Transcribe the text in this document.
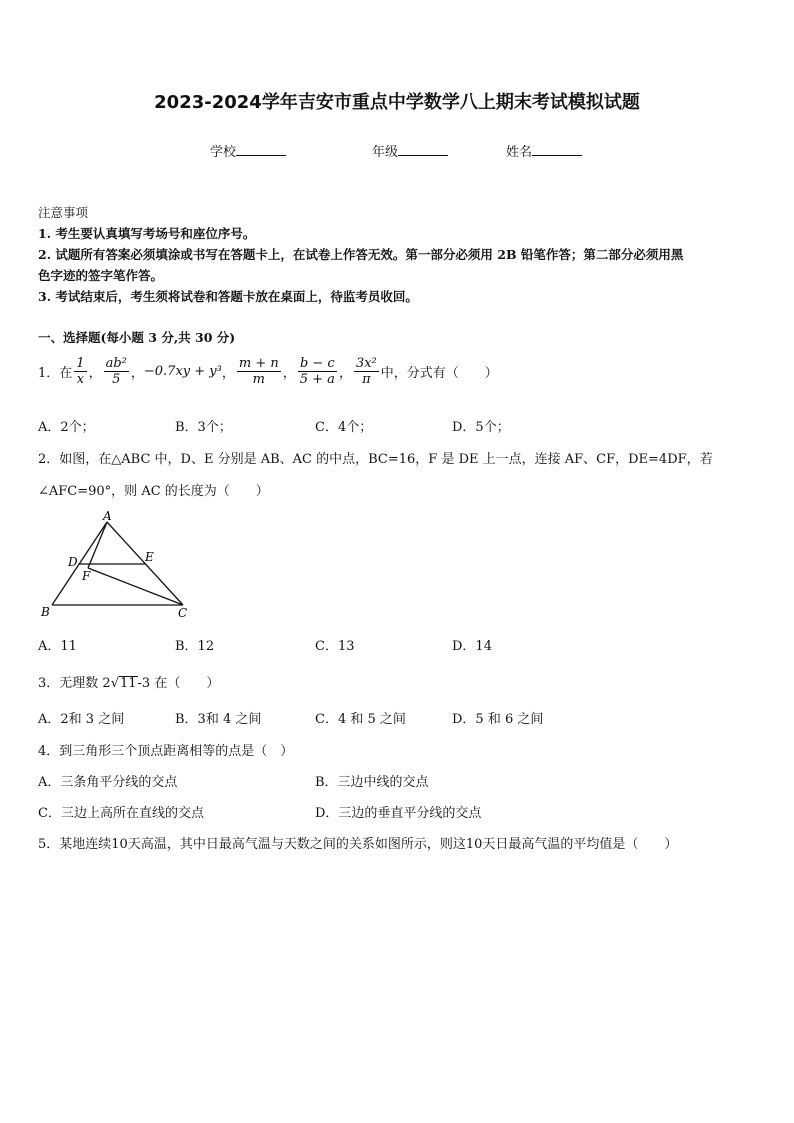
2023-2024学年吉安市重点中学数学八上期末考试模拟试题
学校	年级	姓名
注意事项
1. 考生要认真填写考场号和座位序号。
2. 试题所有答案必须填涂或书写在答题卡上，在试卷上作答无效。第一部分必须用 2B 铅笔作答；第二部分必须用黑
色字迹的签字笔作答。
3. 考试结束后，考生须将试卷和答题卡放在桌面上，待监考员收回。
一、选择题(每小题 3 分,共 30 分)
1．在 $\frac{1}{x}$ ， $\frac{\text{ab²}}{5}$ ， −0.7xy + y³ ， $\frac{m + n}{m}$ ， $\frac{b - c}{5 + a}$ ， $\frac{\text{3x²}}{\pi}$ 中，分式有（　　）
A．2个；	B．3个；	C．4个；	D．5个；
2．如图，在△ABC 中，D、E 分别是 AB、AC 的中点，BC=16，F 是 DE 上一点，连接 AF、CF，DE=4DF，若
∠AFC=90°，则 AC 的长度为（　　）
A
B	C
D	E
F
A．11	B．12	C．13	D．14
3．无理数 2√11-3 在（　　）
A．2和 3 之间	B．3和 4 之间	C．4 和 5 之间	D．5 和 6 之间
4．到三角形三个顶点距离相等的点是（　）
A．三条角平分线的交点	B．三边中线的交点
C．三边上高所在直线的交点	D．三边的垂直平分线的交点
5．某地连续10天高温，其中日最高气温与天数之间的关系如图所示，则这10天日最高气温的平均值是（　　）
